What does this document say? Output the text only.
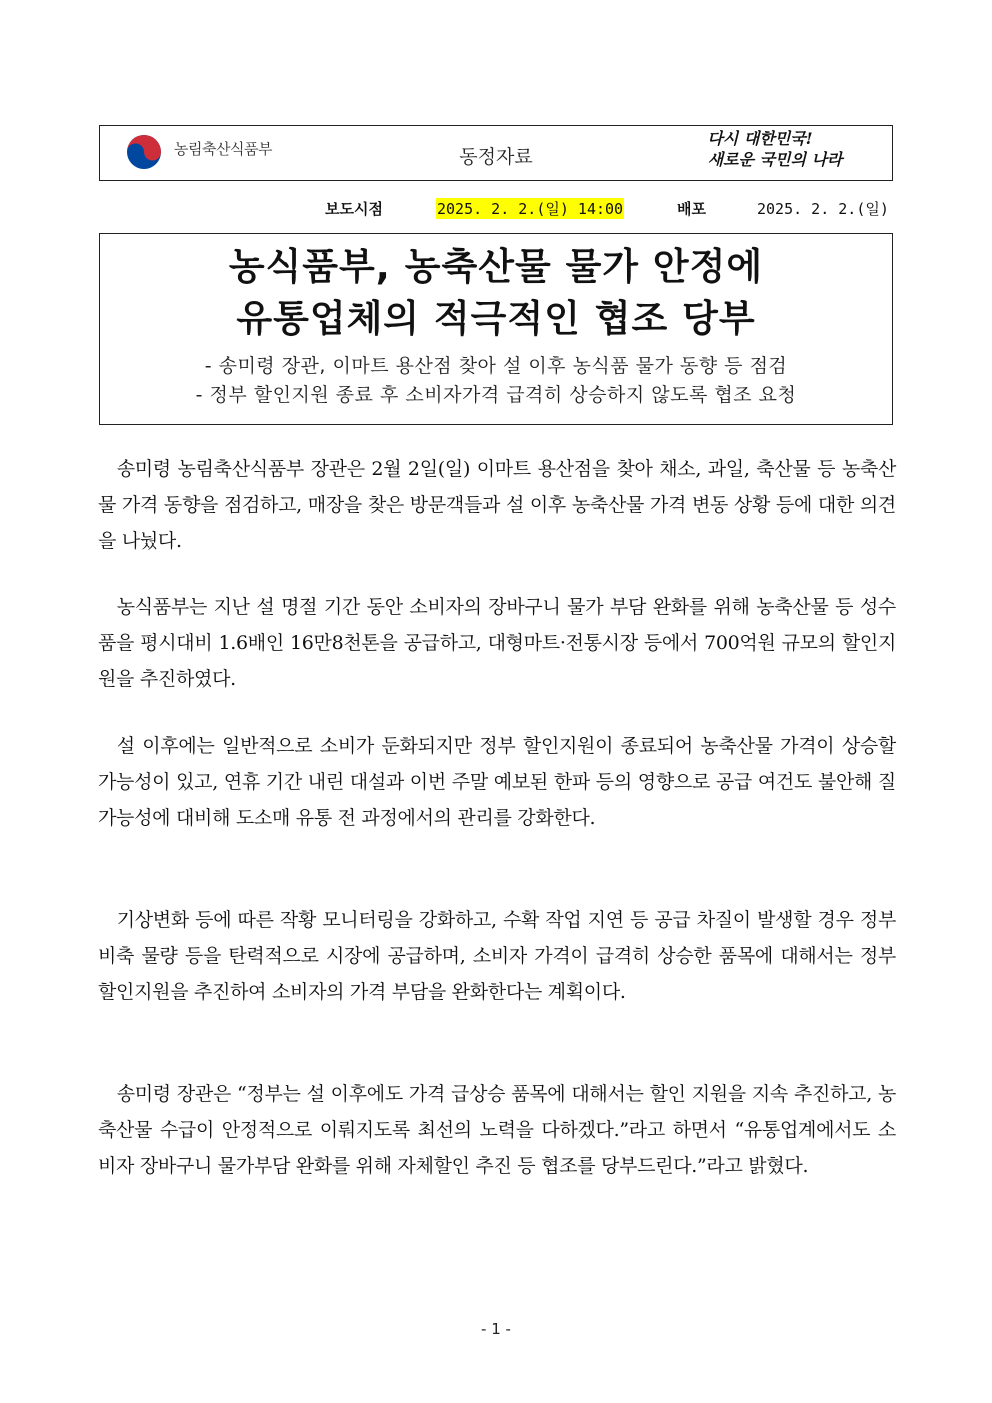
농림축산식품부	동정자료
다시 대한민국!
새로운 국민의 나라
보도시점	2025. 2. 2.(일) 14:00	배포	2025. 2. 2.(일)
농식품부, 농축산물 물가 안정에
유통업체의 적극적인 협조 당부
- 송미령 장관, 이마트 용산점 찾아 설 이후 농식품 물가 동향 등 점검
- 정부 할인지원 종료 후 소비자가격 급격히 상승하지 않도록 협조 요청
 송미령 농림축산식품부 장관은 2월 2일(일) 이마트 용산점을 찾아 채소, 과일, 축산물 등 농축산물 가격 동향을 점검하고, 매장을 찾은 방문객들과 설 이후 농축산물 가격 변동 상황 등에 대한 의견을 나눴다.
 농식품부는 지난 설 명절 기간 동안 소비자의 장바구니 물가 부담 완화를 위해 농축산물 등 성수품을 평시대비 1.6배인 16만8천톤을 공급하고, 대형마트·전통시장 등에서 700억원 규모의 할인지원을 추진하였다.
 설 이후에는 일반적으로 소비가 둔화되지만 정부 할인지원이 종료되어 농축산물 가격이 상승할 가능성이 있고, 연휴 기간 내린 대설과 이번 주말 예보된 한파 등의 영향으로 공급 여건도 불안해 질 가능성에 대비해 도소매 유통 전 과정에서의 관리를 강화한다.
 기상변화 등에 따른 작황 모니터링을 강화하고, 수확 작업 지연 등 공급 차질이 발생할 경우 정부 비축 물량 등을 탄력적으로 시장에 공급하며, 소비자 가격이 급격히 상승한 품목에 대해서는 정부 할인지원을 추진하여 소비자의 가격 부담을 완화한다는 계획이다.
 송미령 장관은 “정부는 설 이후에도 가격 급상승 품목에 대해서는 할인 지원을 지속 추진하고, 농축산물 수급이 안정적으로 이뤄지도록 최선의 노력을 다하겠다.”라고 하면서 “유통업계에서도 소비자 장바구니 물가부담 완화를 위해 자체할인 추진 등 협조를 당부드린다.”라고 밝혔다.
- 1 -
